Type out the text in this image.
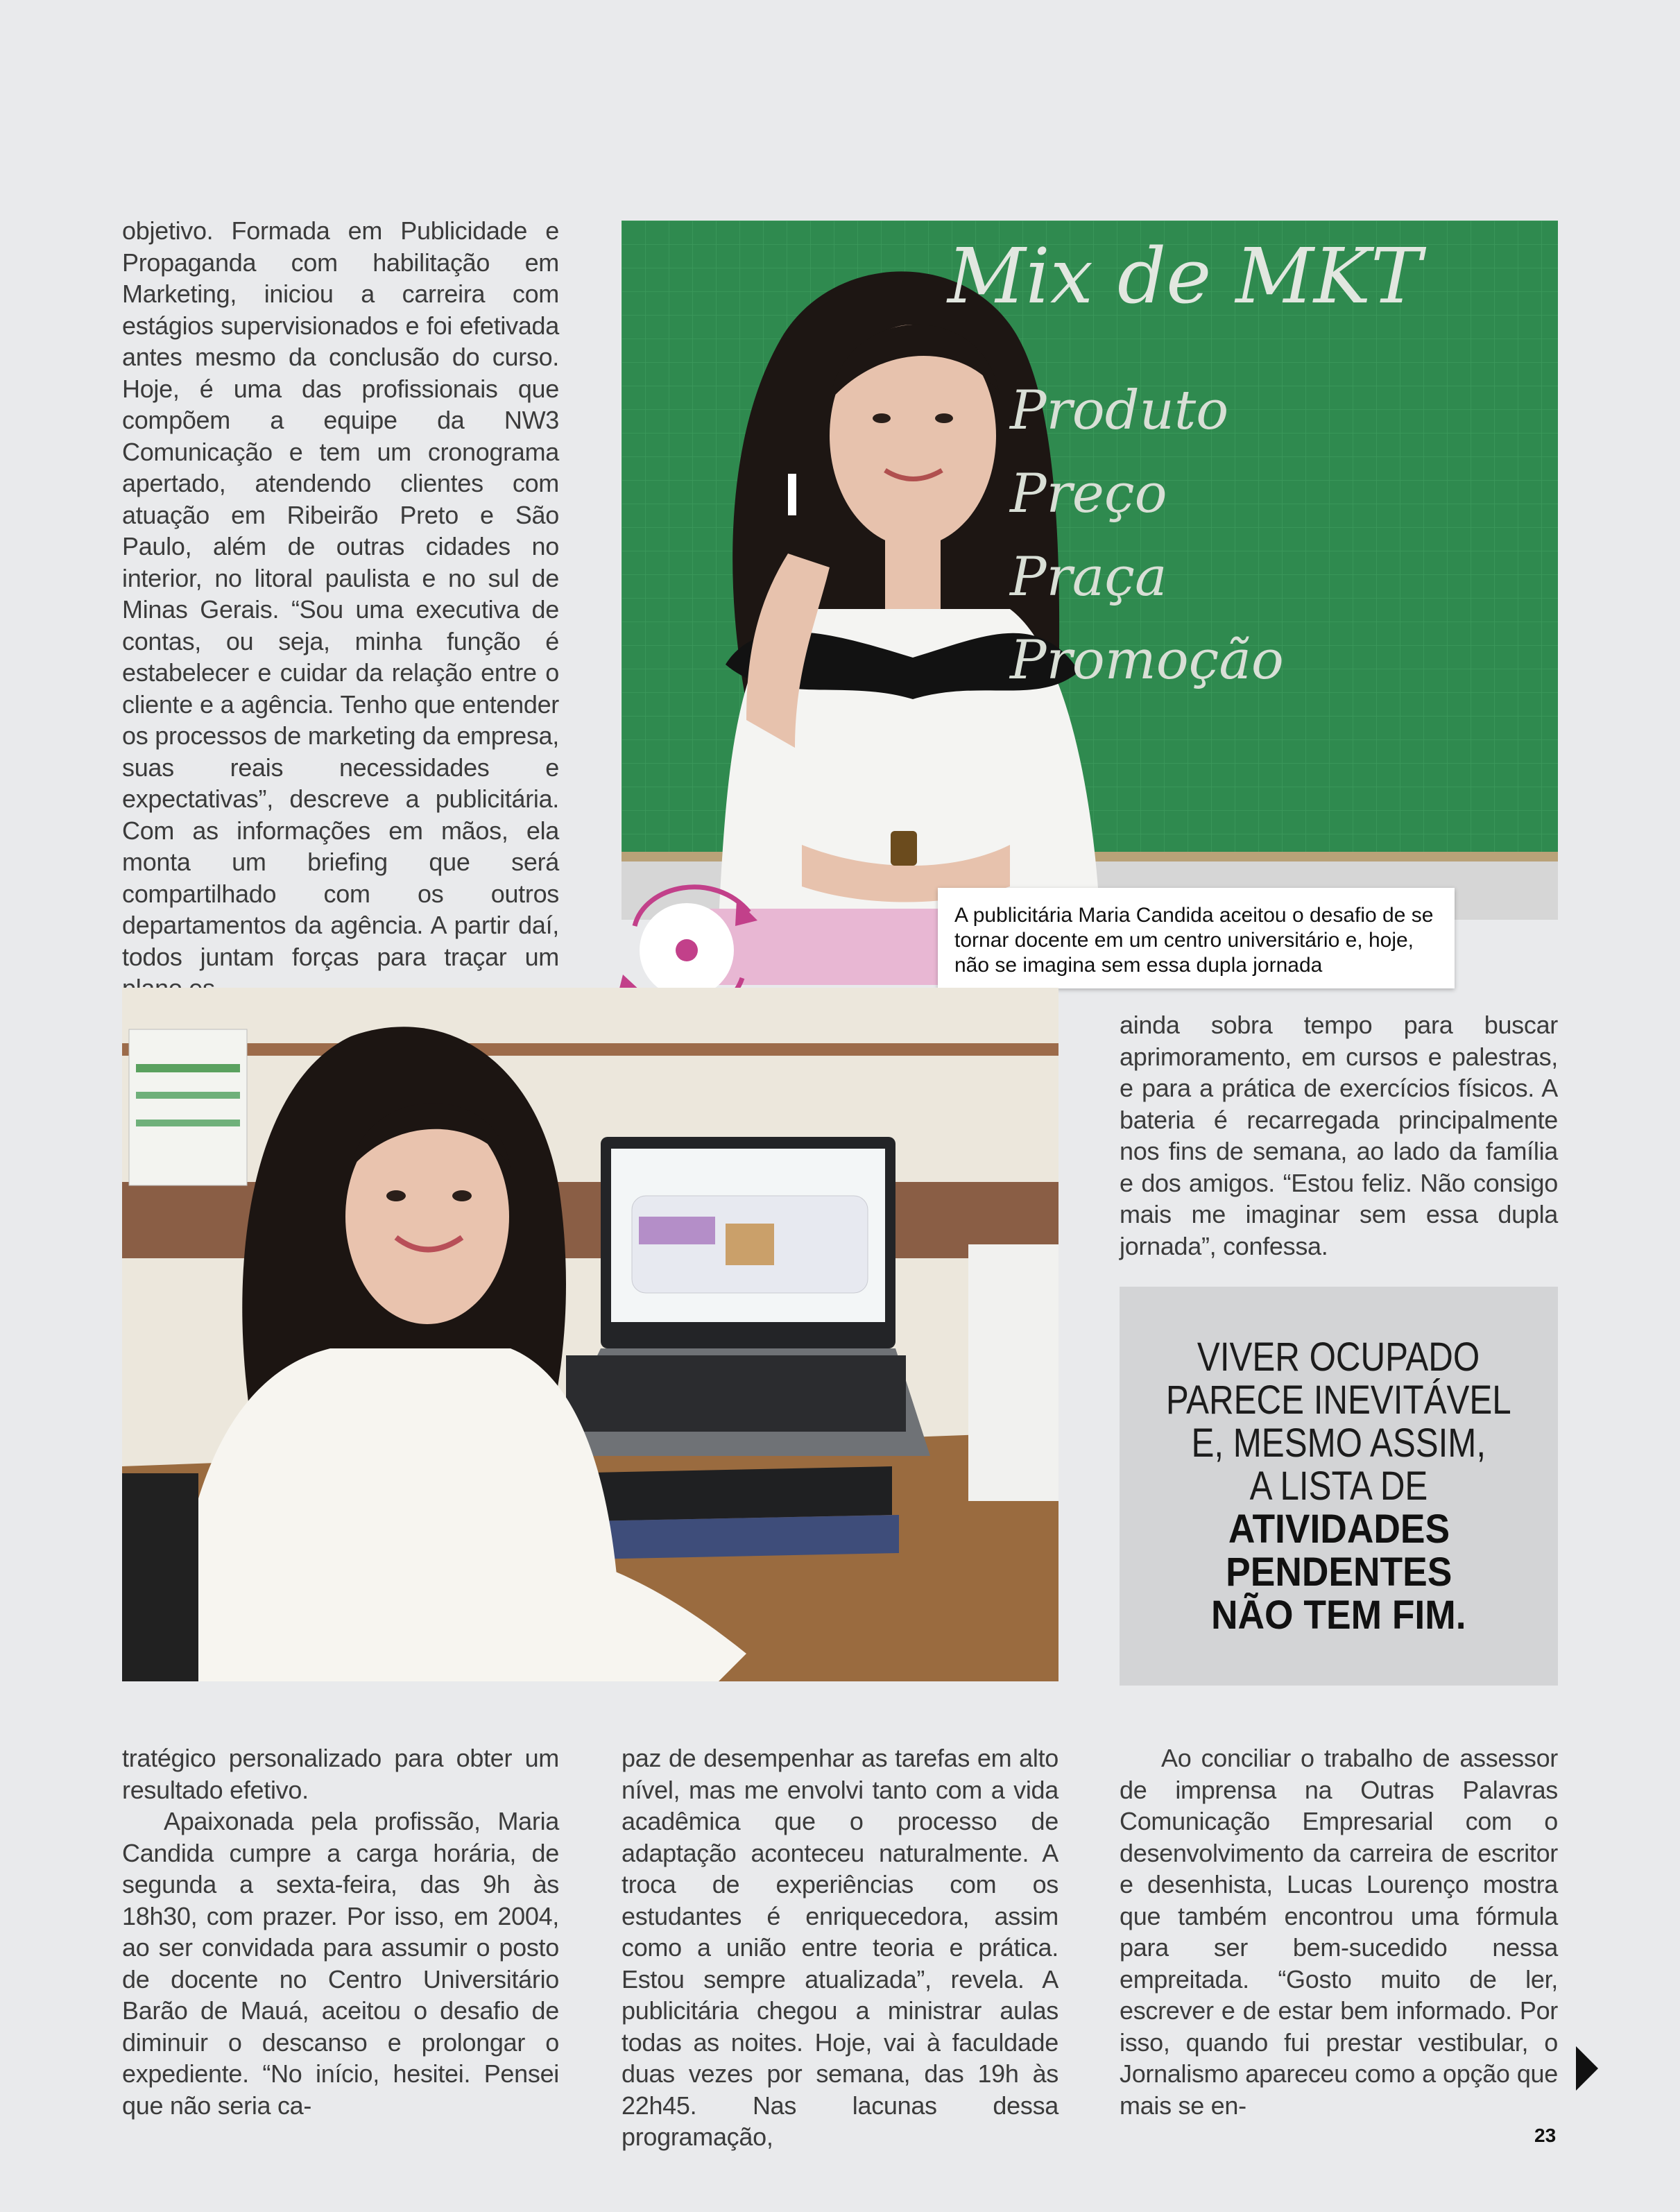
objetivo. Formada em Publicidade e Propaganda com habilitação em Marketing, iniciou a carreira com estágios supervisionados e foi efetivada antes mesmo da conclusão do curso. Hoje, é uma das profissionais que compõem a equipe da NW3 Comunicação e tem um cronograma apertado, atendendo clientes com atuação em Ribeirão Preto e São Paulo, além de outras cidades no interior, no litoral paulista e no sul de Minas Gerais. “Sou uma executiva de contas, ou seja, minha função é estabelecer e cuidar da relação entre o cliente e a agência. Tenho que entender os processos de marketing da empresa, suas reais necessidades e expectativas”, descreve a publicitária. Com as informações em mãos, ela monta um briefing que será compartilhado com os outros departamentos da agência. A partir daí, todos juntam forças para traçar um

Mix de MKT
Produto
Preço
Praça
Promoção
A publicitária Maria Candida aceitou o desafio de se tornar docente em um centro universitário e, hoje, não se imagina sem essa dupla jornada

ainda sobra tempo para buscar aprimoramento, em cursos e palestras, e para a prática de exercícios físicos. A bateria é recarregada principalmente nos fins de semana, ao lado da família e dos amigos. “Estou feliz. Não consigo mais me imaginar sem essa dupla jornada”, confessa.

VIVER OCUPADO
PARECE INEVITÁVEL
E, MESMO ASSIM,
A LISTA DE
ATIVIDADES
PENDENTES
NÃO TEM FIM.

tratégico personalizado para obter um resultado efetivo.

Apaixonada pela profissão, Maria Candida cumpre a carga horária, de segunda a sexta-feira, das 9h às 18h30, com prazer. Por isso, em 2004, ao ser convidada para assumir o posto de docente no Centro Universitário Barão de Mauá, aceitou o desafio de diminuir o descanso e prolongar o expediente. “No início, hesitei. Pensei que não seria ca-

paz de desempenhar as tarefas em alto nível, mas me envolvi tanto com a vida acadêmica que o processo de adaptação aconteceu naturalmente. A troca de experiências com os estudantes é enriquecedora, assim como a união entre teoria e prática. Estou sempre atualizada”, revela. A publicitária chegou a ministrar aulas todas as noites. Hoje, vai à faculdade duas vezes por semana, das 19h às 22h45. Nas lacunas dessa programação,

Ao conciliar o trabalho de assessor de imprensa na Outras Palavras Comunicação Empresarial com o desenvolvimento da carreira de escritor e desenhista, Lucas Lourenço mostra que também encontrou uma fórmula para ser bem-sucedido nessa empreitada. “Gosto muito de ler, escrever e de estar bem informado. Por isso, quando fui prestar vestibular, o Jornalismo apareceu como a opção que mais se en-

23
